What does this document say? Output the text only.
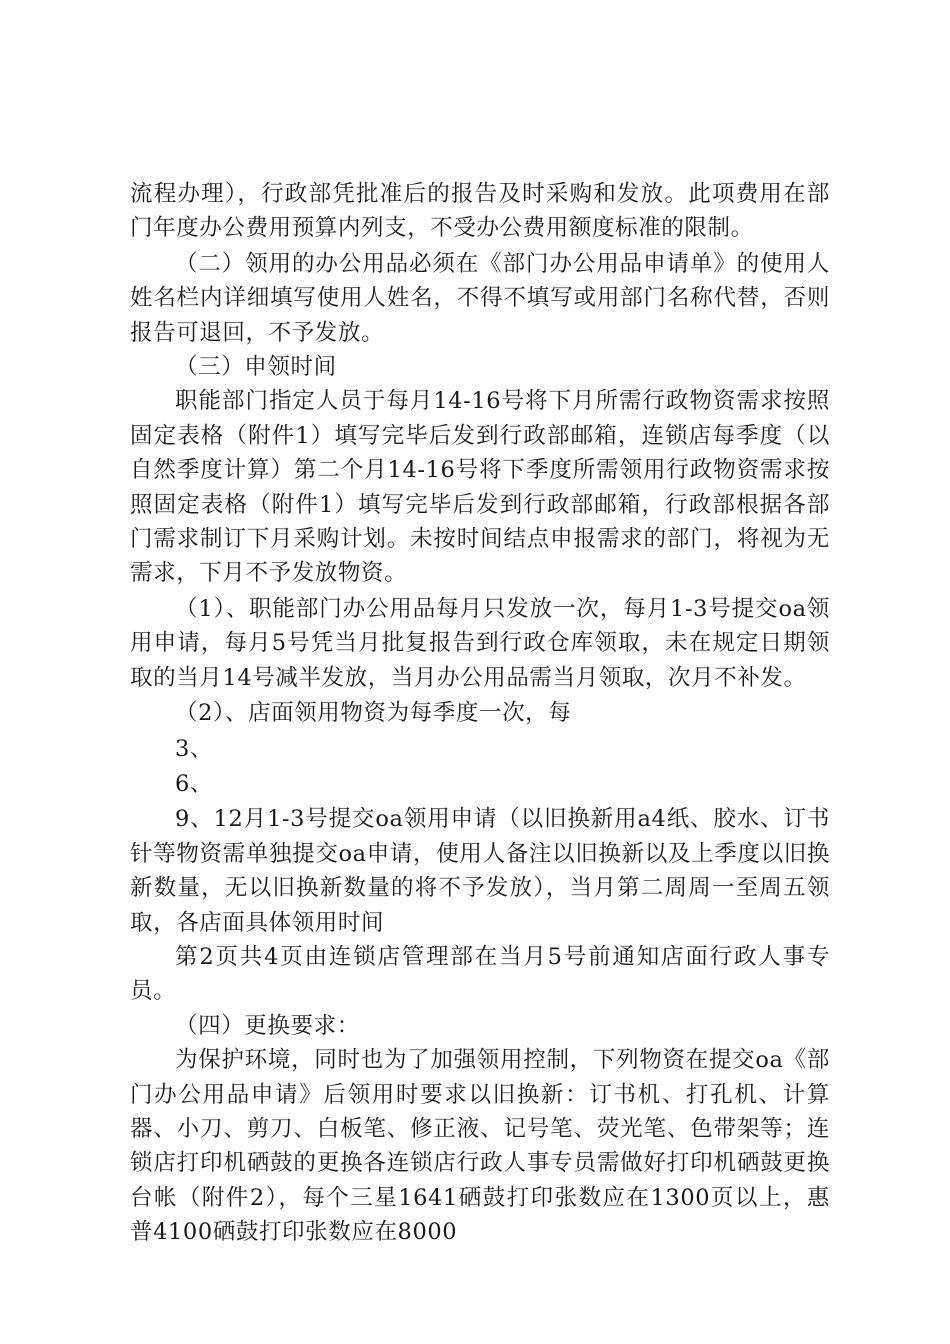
流程办理），行政部凭批准后的报告及时采购和发放。此项费用在部门年度办公费用预算内列支，不受办公费用额度标准的限制。

（二）领用的办公用品必须在《部门办公用品申请单》的使用人姓名栏内详细填写使用人姓名，不得不填写或用部门名称代替，否则报告可退回，不予发放。

（三）申领时间

职能部门指定人员于每月14-16号将下月所需行政物资需求按照固定表格（附件1）填写完毕后发到行政部邮箱，连锁店每季度（以自然季度计算）第二个月14-16号将下季度所需领用行政物资需求按照固定表格（附件1）填写完毕后发到行政部邮箱，行政部根据各部门需求制订下月采购计划。未按时间结点申报需求的部门，将视为无需求，下月不予发放物资。

（1）、职能部门办公用品每月只发放一次，每月1-3号提交oa领用申请，每月5号凭当月批复报告到行政仓库领取，未在规定日期领取的当月14号减半发放，当月办公用品需当月领取，次月不补发。

（2）、店面领用物资为每季度一次，每

3、

6、

9、12月1-3号提交oa领用申请（以旧换新用a4纸、胶水、订书针等物资需单独提交oa申请，使用人备注以旧换新以及上季度以旧换新数量，无以旧换新数量的将不予发放），当月第二周周一至周五领取，各店面具体领用时间

第2页共4页由连锁店管理部在当月5号前通知店面行政人事专员。

（四）更换要求：

为保护环境，同时也为了加强领用控制，下列物资在提交oa《部门办公用品申请》后领用时要求以旧换新：订书机、打孔机、计算器、小刀、剪刀、白板笔、修正液、记号笔、荧光笔、色带架等；连锁店打印机硒鼓的更换各连锁店行政人事专员需做好打印机硒鼓更换台帐（附件2），每个三星1641硒鼓打印张数应在1300页以上，惠普4100硒鼓打印张数应在8000
